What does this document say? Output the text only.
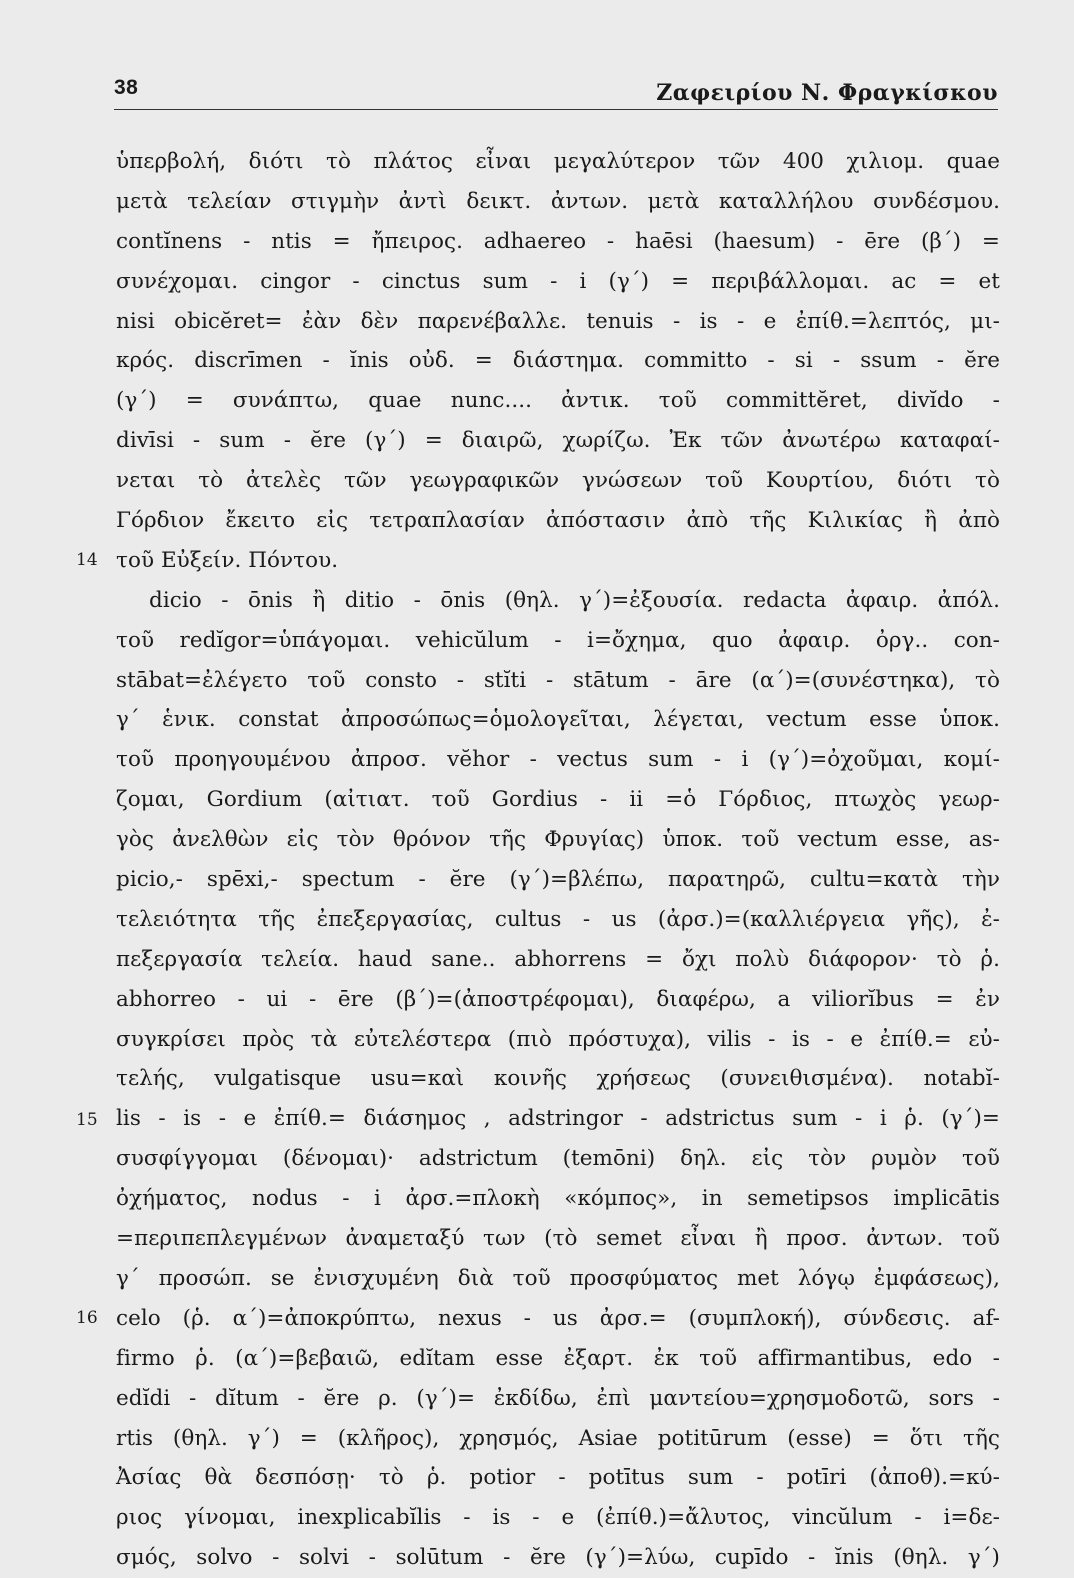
38	Ζαφειρίου Ν. Φραγκίσκου
14
15
16
ὑπερβολή, διότι τὸ πλάτος εἶναι μεγαλύτερον τῶν 400 χιλιομ. quae
μετὰ τελείαν στιγμὴν ἀντὶ δεικτ. ἀντων. μετὰ καταλλήλου συνδέσμου.
contĭnens - ntis = ἤπειρος. adhaereo - haēsi (haesum) - ēre (β΄) =
συνέχομαι. cingor - cinctus sum - i (γ΄) = περιβάλλομαι. ac = et
nisi obicĕret= ἐὰν δὲν παρενέβαλλε. tenuis - is - e ἐπίθ.=λεπτός, μι-
κρός. discrīmen - ĭnis οὐδ. = διάστημα. committo - si - ssum - ĕre
(γ΄) = συνάπτω, quae nunc.... ἀντικ. τοῦ committĕret, divĭdo -
divīsi - sum - ĕre (γ΄) = διαιρῶ, χωρίζω. Ἐκ τῶν ἀνωτέρω καταφαί-
νεται τὸ ἀτελὲς τῶν γεωγραφικῶν γνώσεων τοῦ Κουρτίου, διότι τὸ
Γόρδιον ἔκειτο εἰς τετραπλασίαν ἀπόστασιν ἀπὸ τῆς Κιλικίας ἢ ἀπὸ
τοῦ Εὐξείν. Πόντου.
dicio - ōnis ἢ ditio - ōnis (θηλ. γ΄)=ἐξουσία. redacta ἀφαιρ. ἀπόλ.
τοῦ redĭgor=ὑπάγομαι. vehicŭlum - i=ὄχημα, quo ἀφαιρ. ὀργ.. con-
stābat=ἐλέγετο τοῦ consto - stĭti - stātum - āre (α΄)=(συνέστηκα), τὸ
γ΄ ἑνικ. constat ἀπροσώπως=ὁμολογεῖται, λέγεται, vectum esse ὑποκ.
τοῦ προηγουμένου ἀπροσ. vĕhor - vectus sum - i (γ΄)=ὀχοῦμαι, κομί-
ζομαι, Gordium (αἰτιατ. τοῦ Gordius - ii =ὁ Γόρδιος, πτωχὸς γεωρ-
γὸς ἀνελθὼν εἰς τὸν θρόνον τῆς Φρυγίας) ὑποκ. τοῦ vectum esse, as-
picio,- spēxi,- spectum - ĕre (γ΄)=βλέπω, παρατηρῶ, cultu=κατὰ τὴν
τελειότητα τῆς ἐπεξεργασίας, cultus - us (ἀρσ.)=(καλλιέργεια γῆς), ἐ-
πεξεργασία τελεία. haud sane.. abhorrens = ὄχι πολὺ διάφορον· τὸ ῥ.
abhorreo - ui - ēre (β΄)=(ἀποστρέφομαι), διαφέρω, a viliorĭbus = ἐν
συγκρίσει πρὸς τὰ εὐτελέστερα (πιὸ πρόστυχα), vilis - is - e ἐπίθ.= εὐ-
τελής, vulgatisque usu=καὶ κοινῆς χρήσεως (συνειθισμένα). notabĭ-
lis - is - e ἐπίθ.= διάσημος , adstringor - adstrictus sum - i ῥ. (γ΄)=
συσφίγγομαι (δένομαι)· adstrictum (temōni) δηλ. εἰς τὸν ρυμὸν τοῦ
ὀχήματος, nodus - i ἀρσ.=πλοκὴ «κόμπος», in semetipsos implicātis
=περιπεπλεγμένων ἀναμεταξύ των (τὸ semet εἶναι ἢ προσ. ἀντων. τοῦ
γ΄ προσώπ. se ἐνισχυμένη διὰ τοῦ προσφύματος met λόγῳ ἐμφάσεως),
celo (ῥ. α΄)=ἀποκρύπτω, nexus - us ἀρσ.= (συμπλοκή), σύνδεσις. af-
firmo ῥ. (α΄)=βεβαιῶ, edĭtam esse ἐξαρτ. ἐκ τοῦ affirmantibus, edo -
edĭdi - dĭtum - ĕre ρ. (γ΄)= ἐκδίδω, ἐπὶ μαντείου=χρησμοδοτῶ, sors -
rtis (θηλ. γ΄) = (κλῆρος), χρησμός, Asiae potitūrum (esse) = ὅτι τῆς
Ἀσίας θὰ δεσπόσῃ· τὸ ῥ. potior - potītus sum - potīri (ἀποθ).=κύ-
ριος γίνομαι, inexplicabĭlis - is - e (ἐπίθ.)=ἄλυτος, vincŭlum - i=δε-
σμός, solvo - solvi - solūtum - ĕre (γ΄)=λύω, cupīdo - ĭnis (θηλ. γ΄)
